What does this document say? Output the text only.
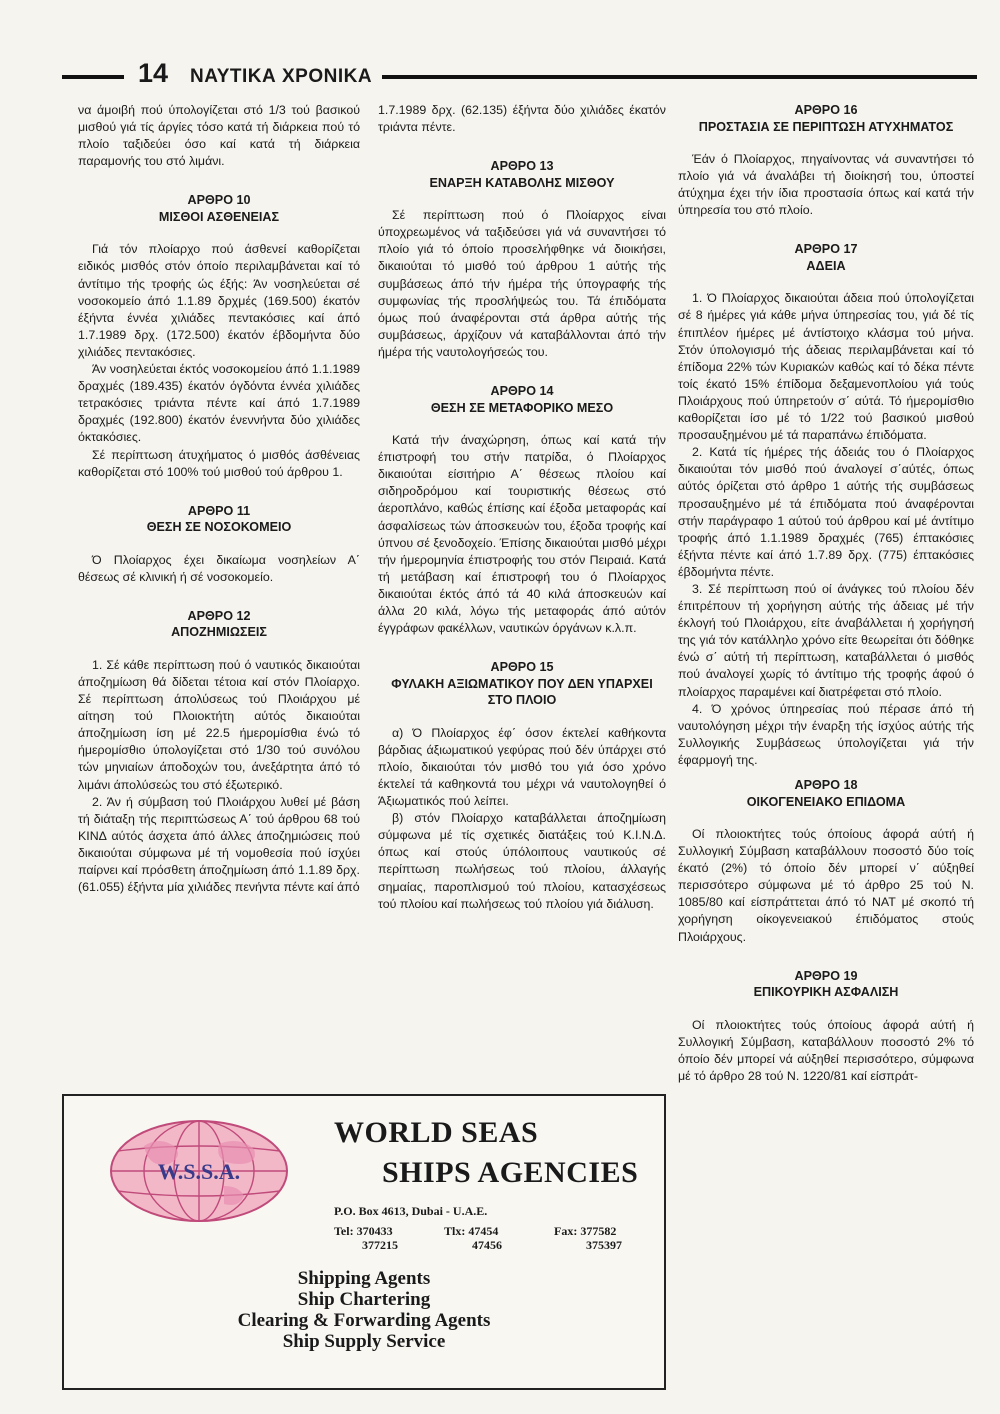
14 ΝΑΥΤΙΚΑ ΧΡΟΝΙΚΑ

να άμοιβή πού ύπολογίζεται στό 1/3 τού βασικού μισθού γιά τίς άργίες τόσο κατά τή διάρκεια πού τό πλοίο ταξιδεύει όσο καί κατά τή διάρκεια παραμονής του στό λιμάνι.

ΑΡΘΡΟ 10
ΜΙΣΘΟΙ ΑΣΘΕΝΕΙΑΣ

Γιά τόν πλοίαρχο πού άσθενεί καθορίζεται ειδικός μισθός στόν όποίο περιλαμβάνεται καί τό άντίτιμο τής τροφής ώς έξής: Άν νοσηλεύεται σέ νοσοκομείο άπό 1.1.89 δρχμές (169.500) έκατόν έξήντα έννέα χιλιάδες πεντακόσιες καί άπό 1.7.1989 δρχ. (172.500) έκατόν έβδομήντα δύο χιλιάδες πεντακόσιες.

Άν νοσηλεύεται έκτός νοσοκομείου άπό 1.1.1989 δραχμές (189.435) έκατόν όγδόντα έννέα χιλιάδες τετρακόσιες τριάντα πέντε καί άπό 1.7.1989 δραχμές (192.800) έκατόν ένεννήντα δύο χιλιάδες όκτακόσιες.

Σέ περίπτωση άτυχήματος ό μισθός άσθένειας καθορίζεται στό 100% τού μισθού τού άρθρου 1.

ΑΡΘΡΟ 11
ΘΕΣΗ ΣΕ ΝΟΣΟΚΟΜΕΙΟ

Ό Πλοίαρχος έχει δικαίωμα νοσηλείων Α΄ θέσεως σέ κλινική ή σέ νοσοκομείο.

ΑΡΘΡΟ 12
ΑΠΟΖΗΜΙΩΣΕΙΣ

1. Σέ κάθε περίπτωση πού ό ναυτικός δικαιούται άποζημίωση θά δίδεται τέτοια καί στόν Πλοίαρχο. Σέ περίπτωση άπολύσεως τού Πλοιάρχου μέ αίτηση τού Πλοιοκτήτη αύτός δικαιούται άποζημίωση ίση μέ 22.5 ήμερομίσθια ένώ τό ήμερομίσθιο ύπολογίζεται στό 1/30 τού συνόλου τών μηνιαίων άποδοχών του, άνεξάρτητα άπό τό λιμάνι άπολύσεώς του στό έξωτερικό.

2. Άν ή σύμβαση τού Πλοιάρχου λυθεί μέ βάση τή διάταξη τής περιπτώσεως Α΄ τού άρθρου 68 τού ΚΙΝΔ αύτός άσχετα άπό άλλες άποζημιώσεις πού δικαιούται σύμφωνα μέ τή νομοθεσία πού ίσχύει παίρνει καί πρόσθετη άποζημίωση άπό 1.1.89 δρχ. (61.055) έξήντα μία χιλιάδες πενήντα πέντε καί άπό

1.7.1989 δρχ. (62.135) έξήντα δύο χιλιάδες έκατόν τριάντα πέντε.

ΑΡΘΡΟ 13
ΕΝΑΡΞΗ ΚΑΤΑΒΟΛΗΣ ΜΙΣΘΟΥ

Σέ περίπτωση πού ό Πλοίαρχος είναι ύποχρεωμένος νά ταξιδεύσει γιά νά συναντήσει τό πλοίο γιά τό όποίο προσελήφθηκε νά διοικήσει, δικαιούται τό μισθό τού άρθρου 1 αύτής τής συμβάσεως άπό τήν ήμέρα τής ύπογραφής τής συμφωνίας τής προσλήψεώς του. Τά έπιδόματα όμως πού άναφέρονται στά άρθρα αύτής τής συμβάσεως, άρχίζουν νά καταβάλλονται άπό τήν ήμέρα τής ναυτολογήσεώς του.

ΑΡΘΡΟ 14
ΘΕΣΗ ΣΕ ΜΕΤΑΦΟΡΙΚΟ ΜΕΣΟ

Κατά τήν άναχώρηση, όπως καί κατά τήν έπιστροφή του στήν πατρίδα, ό Πλοίαρχος δικαιούται είσιτήριο Α΄ θέσεως πλοίου καί σιδηροδρόμου καί τουριστικής θέσεως στό άεροπλάνο, καθώς έπίσης καί έξοδα μεταφοράς καί άσφαλίσεως τών άποσκευών του, έξοδα τροφής καί ύπνου σέ ξενοδοχείο. Έπίσης δικαιούται μισθό μέχρι τήν ήμερομηνία έπιστροφής του στόν Πειραιά. Κατά τή μετάβαση καί έπιστροφή του ό Πλοίαρχος δικαιούται έκτός άπό τά 40 κιλά άποσκευών καί άλλα 20 κιλά, λόγω τής μεταφοράς άπό αύτόν έγγράφων φακέλλων, ναυτικών όργάνων κ.λ.π.

ΑΡΘΡΟ 15
ΦΥΛΑΚΗ ΑΞΙΩΜΑΤΙΚΟΥ ΠΟΥ ΔΕΝ ΥΠΑΡΧΕΙ ΣΤΟ ΠΛΟΙΟ

α) Ό Πλοίαρχος έφ΄ όσον έκτελεί καθήκοντα βάρδιας άξιωματικού γεφύρας πού δέν ύπάρχει στό πλοίο, δικαιούται τόν μισθό του γιά όσο χρόνο έκτελεί τά καθηκοντά του μέχρι νά ναυτολογηθεί ό Άξιωματικός πού λείπει.

β) στόν Πλοίαρχο καταβάλλεται άποζημίωση σύμφωνα μέ τίς σχετικές διατάξεις τού Κ.Ι.Ν.Δ. όπως καί στούς ύπόλοιπους ναυτικούς σέ περίπτωση πωλήσεως τού πλοίου, άλλαγής σημαίας, παροπλισμού τού πλοίου, κατασχέσεως τού πλοίου καί πωλήσεως τού πλοίου γιά διάλυση.

ΑΡΘΡΟ 16
ΠΡΟΣΤΑΣΙΑ ΣΕ ΠΕΡΙΠΤΩΣΗ ΑΤΥΧΗΜΑΤΟΣ

Έάν ό Πλοίαρχος, πηγαίνοντας νά συναντήσει τό πλοίο γιά νά άναλάβει τή διοίκησή του, ύποστεί άτύχημα έχει τήν ίδια προστασία όπως καί κατά τήν ύπηρεσία του στό πλοίο.

ΑΡΘΡΟ 17
ΑΔΕΙΑ

1. Ό Πλοίαρχος δικαιούται άδεια πού ύπολογίζεται σέ 8 ήμέρες γιά κάθε μήνα ύπηρεσίας του, γιά δέ τίς έπιπλέον ήμέρες μέ άντίστοιχο κλάσμα τού μήνα. Στόν ύπολογισμό τής άδειας περιλαμβάνεται καί τό έπίδομα 22% τών Κυριακών καθώς καί τό δέκα πέντε τοίς έκατό 15% έπίδομα δεξαμενοπλοίου γιά τούς Πλοιάρχους πού ύπηρετούν σ΄ αύτά. Τό ήμερομίσθιο καθορίζεται ίσο μέ τό 1/22 τού βασικού μισθού προσαυξημένου μέ τά παραπάνω έπιδόματα.

2. Κατά τίς ήμέρες τής άδειάς του ό Πλοίαρχος δικαιούται τόν μισθό πού άναλογεί σ΄αύτές, όπως αύτός όρίζεται στό άρθρο 1 αύτής τής συμβάσεως προσαυξημένο μέ τά έπιδόματα πού άναφέρονται στήν παράγραφο 1 αύτού τού άρθρου καί μέ άντίτιμο τροφής άπό 1.1.1989 δραχμές (765) έπτακόσιες έξήντα πέντε καί άπό 1.7.89 δρχ. (775) έπτακόσιες έβδομήντα πέντε.

3. Σέ περίπτωση πού οί άνάγκες τού πλοίου δέν έπιτρέπουν τή χορήγηση αύτής τής άδειας μέ τήν έκλογή τού Πλοιάρχου, είτε άναβάλλεται ή χορήγησή της γιά τόν κατάλληλο χρόνο είτε θεωρείται ότι δόθηκε ένώ σ΄ αύτή τή περίπτωση, καταβάλλεται ό μισθός πού άναλογεί χωρίς τό άντίτιμο τής τροφής άφού ό πλοίαρχος παραμένει καί διατρέφεται στό πλοίο.

4. Ό χρόνος ύπηρεσίας πού πέρασε άπό τή ναυτολόγηση μέχρι τήν έναρξη τής ίσχύος αύτής τής Συλλογικής Συμβάσεως ύπολογίζεται γιά τήν έφαρμογή της.

ΑΡΘΡΟ 18
ΟΙΚΟΓΕΝΕΙΑΚΟ ΕΠΙΔΟΜΑ

Οί πλοιοκτήτες τούς όποίους άφορά αύτή ή Συλλογική Σύμβαση καταβάλλουν ποσοστό δύο τοίς έκατό (2%) τό όποίο δέν μπορεί ν΄ αύξηθεί περισσότερο σύμφωνα μέ τό άρθρο 25 τού Ν. 1085/80 καί είσπράττεται άπό τό ΝΑΤ μέ σκοπό τή χορήγηση οίκογενειακού έπιδόματος στούς Πλοιάρχους.

ΑΡΘΡΟ 19
ΕΠΙΚΟΥΡΙΚΗ ΑΣΦΑΛΙΣΗ

Οί πλοιοκτήτες τούς όποίους άφορά αύτή ή Συλλογική Σύμβαση, καταβάλλουν ποσοστό 2% τό όποίο δέν μπορεί νά αύξηθεί περισσότερο, σύμφωνα μέ τό άρθρο 28 τού Ν. 1220/81 καί είσπράτ-

W.S.S.A.
WORLD SEAS
SHIPS AGENCIES
P.O. Box 4613, Dubai - U.A.E.
Tel: 370433	Tlx: 47454	Fax: 377582
377215	47456	375397
Shipping Agents
Ship Chartering
Clearing & Forwarding Agents
Ship Supply Service
